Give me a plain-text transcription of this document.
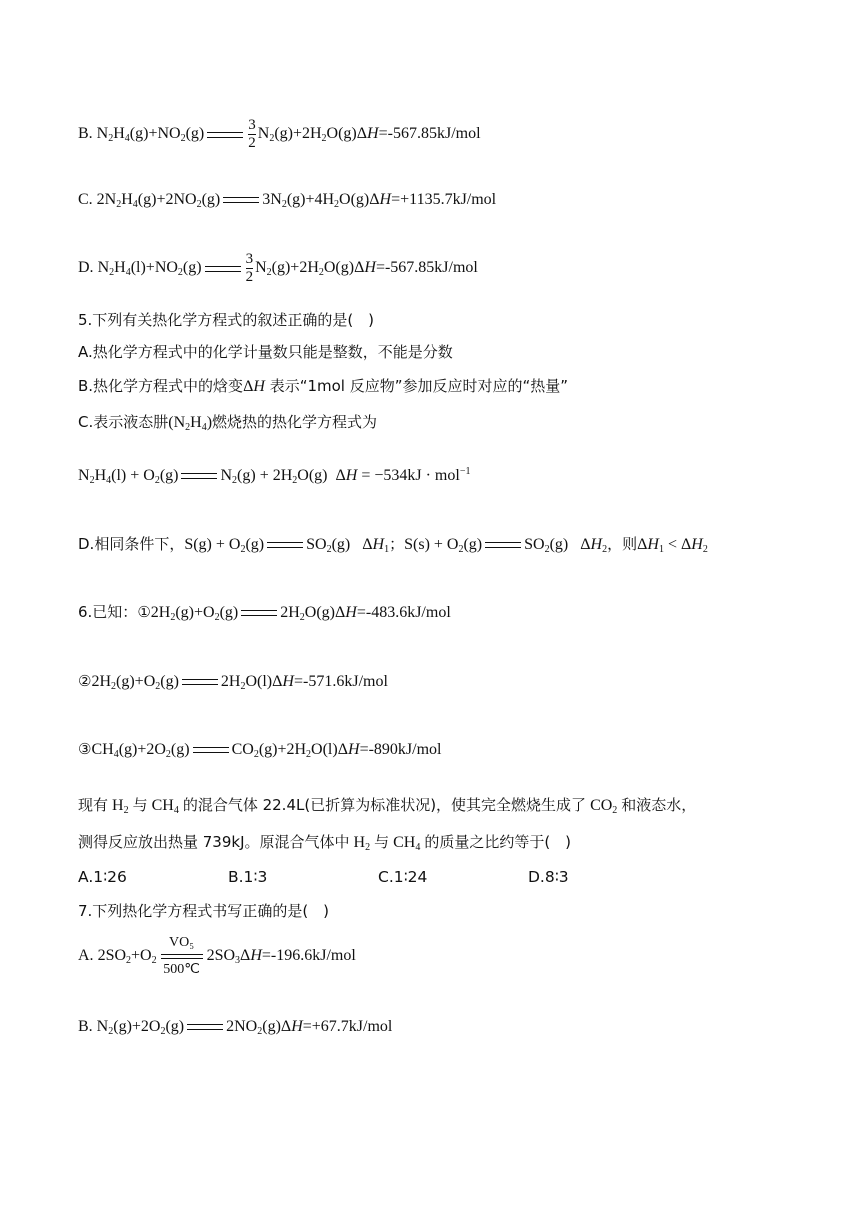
B. $N_2H_4(g)+NO_2(g)$	$\frac{3}{2} N_2(g)+2H_2O(g)\Delta H=-567.85kJ/mol$
C. $2N_2H_4(g)+2NO_2(g)$	$3N_2(g)+4H_2O(g)\Delta H=+1135.7kJ$/mol
D. $N_2H_4(l)+NO_2(g)$	$\frac{3}{2} N_2(g)+2H_2O(g)\Delta H=-567.85kJ/mol$
5.下列有关热化学方程式的叙述正确的是(　)
A.热化学方程式中的化学计量数只能是整数，不能是分数
B.热化学方程式中的焓变ΔH 表示“1mol 反应物”参加反应时对应的“热量”
C.表示液态肼$(N_2H_4)$燃烧热的热化学方程式为
$N_2H_4(l) + O_2(g)$	$N_2(g) + 2H_2O(g) \Delta H = -534kJ \cdot mol^{-1}$
D.相同条件下，$S(g) + O_2(g)$	$SO_2(g)$   $\Delta H_1$；$S(s) + O_2(g)$	$SO_2(g)$   $\Delta H_2$，则$\Delta H_1 < \Delta H_2$
6.已知：$①2H_2(g)+O_2(g)$	$2H_2O(g)\Delta H=-483.6kJ$/mol
$②2H_2(g)+O_2(g)$	$2H_2O(l)\Delta H=-571.6kJ$/mol
$③CH_4(g)+2O_2(g)$	$CO_2(g)+2H_2O(l)\Delta H=-890kJ$/mol
现有 $H_2$ 与 $CH_4$ 的混合气体 22.4L(已折算为标准状况)，使其完全燃烧生成了 $CO_2$ 和液态水，
测得反应放出热量 739kJ。原混合气体中 $H_2$ 与 $CH_4$ 的质量之比约等于(　)
A.1∶26	B.1∶3	C.1∶24	D.8∶3
7.下列热化学方程式书写正确的是(　)
A. $2SO_2+O_2$
VO₅
500℃
$2SO_3\Delta H=-196.6kJ$/mol
B. $N_2(g)+2O_2(g)$	$2NO_2(g)\Delta H=+67.7kJ$/mol
